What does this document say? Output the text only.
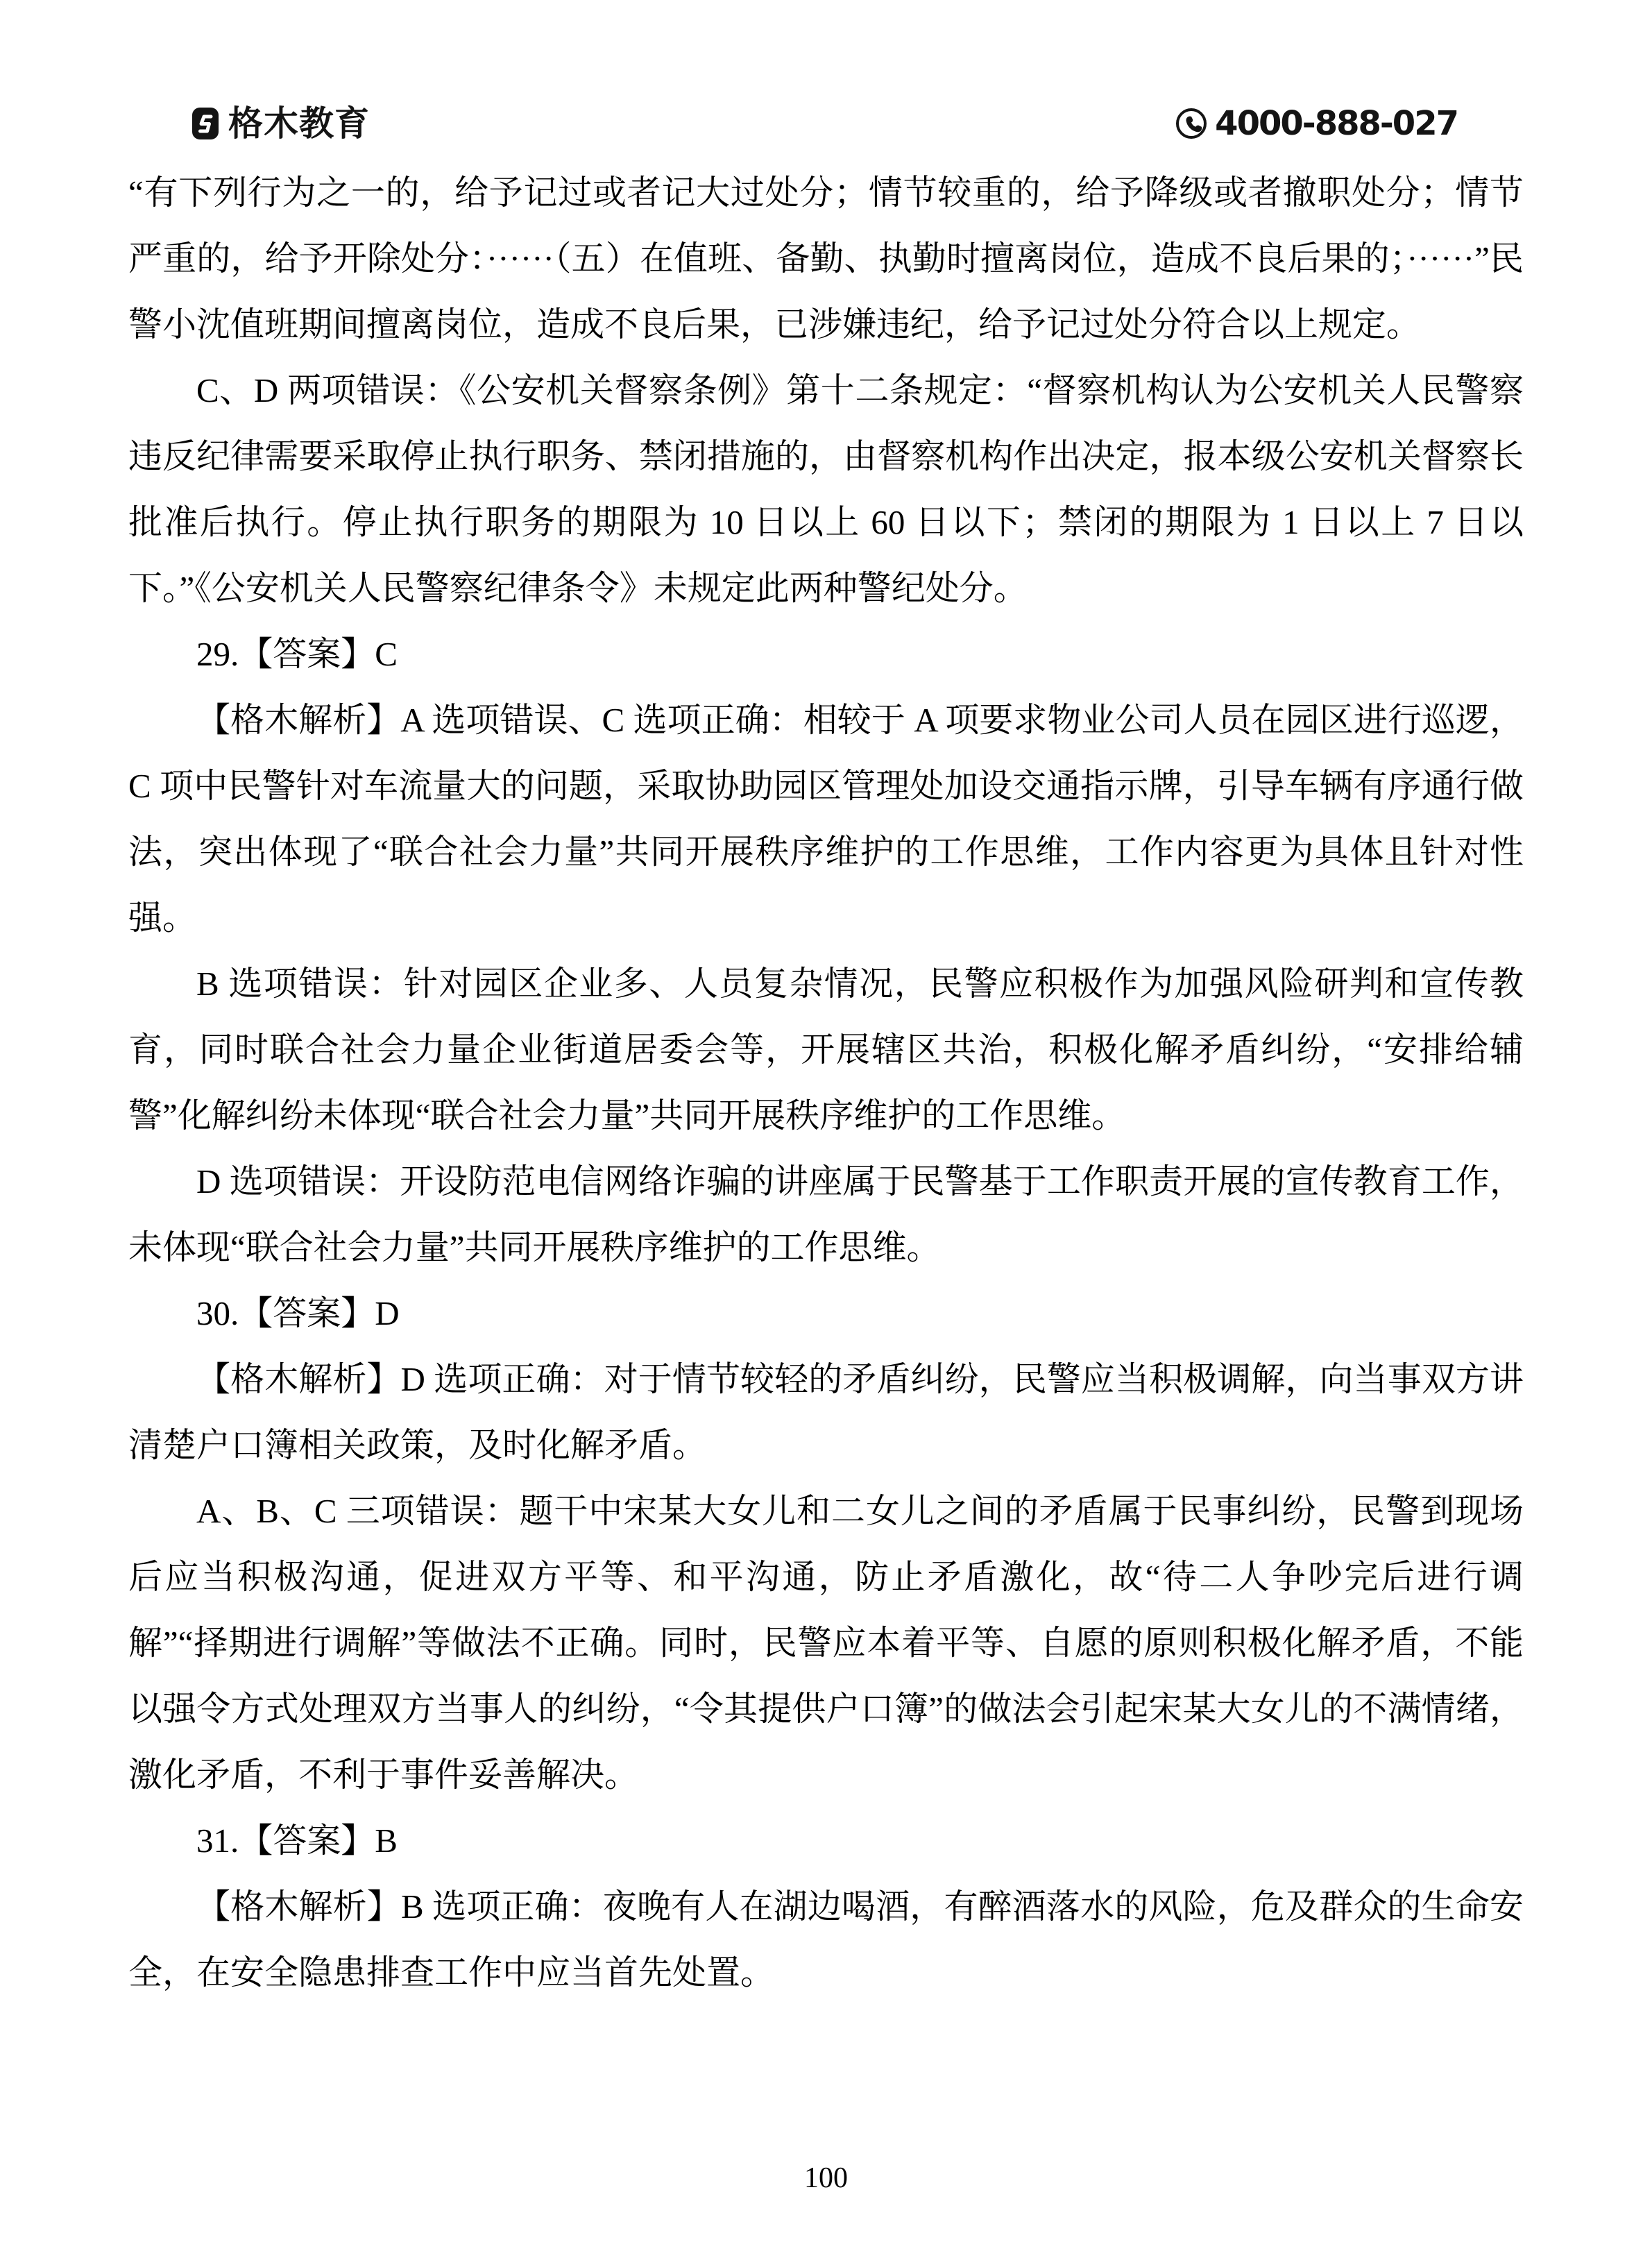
格木教育	4000-888-027

“有下列行为之一的，给予记过或者记大过处分；情节较重的，给予降级或者撤职处分；情节严重的，给予开除处分：······（五）在值班、备勤、执勤时擅离岗位，造成不良后果的；······”民警小沈值班期间擅离岗位，造成不良后果，已涉嫌违纪，给予记过处分符合以上规定。

C、D 两项错误：《公安机关督察条例》第十二条规定：“督察机构认为公安机关人民警察违反纪律需要采取停止执行职务、禁闭措施的，由督察机构作出决定，报本级公安机关督察长批准后执行。停止执行职务的期限为 10 日以上 60 日以下；禁闭的期限为 1 日以上 7 日以下。”《公安机关人民警察纪律条令》未规定此两种警纪处分。

29.【答案】C

【格木解析】A 选项错误、C 选项正确：相较于 A 项要求物业公司人员在园区进行巡逻，C 项中民警针对车流量大的问题，采取协助园区管理处加设交通指示牌，引导车辆有序通行做法，突出体现了“联合社会力量”共同开展秩序维护的工作思维，工作内容更为具体且针对性强。

B 选项错误：针对园区企业多、人员复杂情况，民警应积极作为加强风险研判和宣传教育，同时联合社会力量企业街道居委会等，开展辖区共治，积极化解矛盾纠纷，“安排给辅警”化解纠纷未体现“联合社会力量”共同开展秩序维护的工作思维。

D 选项错误：开设防范电信网络诈骗的讲座属于民警基于工作职责开展的宣传教育工作，未体现“联合社会力量”共同开展秩序维护的工作思维。

30.【答案】D

【格木解析】D 选项正确：对于情节较轻的矛盾纠纷，民警应当积极调解，向当事双方讲清楚户口簿相关政策，及时化解矛盾。

A、B、C 三项错误：题干中宋某大女儿和二女儿之间的矛盾属于民事纠纷，民警到现场后应当积极沟通，促进双方平等、和平沟通，防止矛盾激化，故“待二人争吵完后进行调解”“择期进行调解”等做法不正确。同时，民警应本着平等、自愿的原则积极化解矛盾，不能以强令方式处理双方当事人的纠纷，“令其提供户口簿”的做法会引起宋某大女儿的不满情绪，激化矛盾，不利于事件妥善解决。

31.【答案】B

【格木解析】B 选项正确：夜晚有人在湖边喝酒，有醉酒落水的风险，危及群众的生命安全，在安全隐患排查工作中应当首先处置。

100
